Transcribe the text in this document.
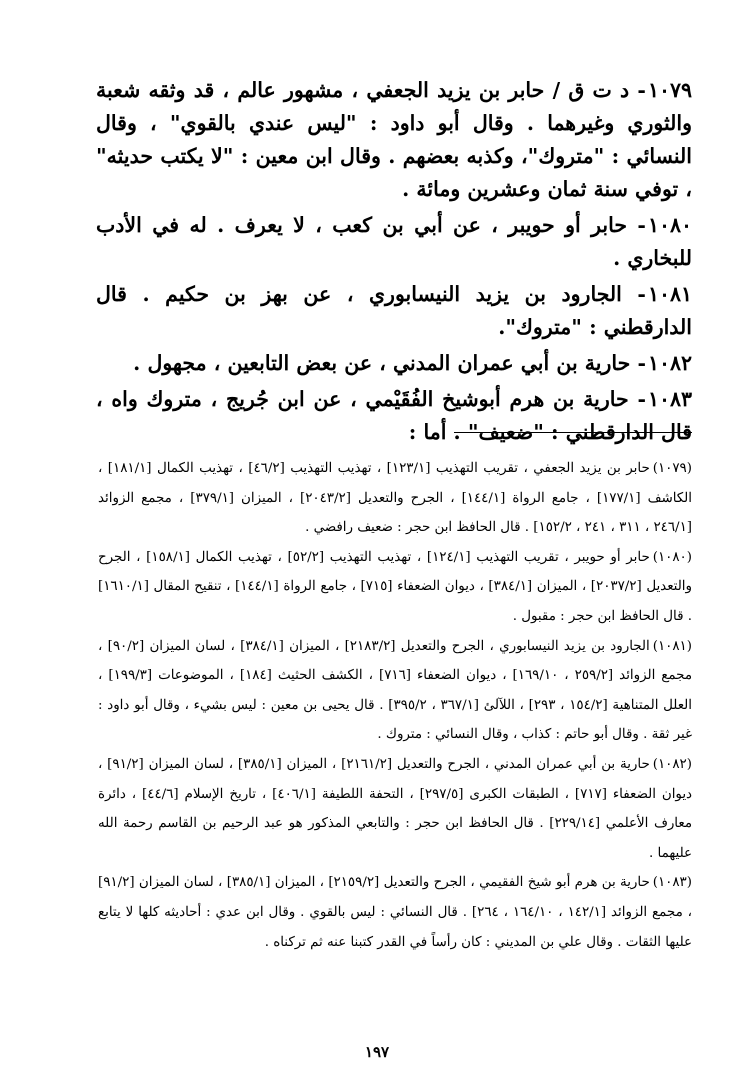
١٠٧٩- د ت ق / حابر بن يزيد الجعفي ، مشهور عالم ، قد وثقه شعبة والثوري وغيرهما . وقال أبو داود : "ليس عندي بالقوي" ، وقال النسائي : "متروك"، وكذبه بعضهم . وقال ابن معين : "لا يكتب حديثه" ، توفي سنة ثمان وعشرين ومائة .

١٠٨٠- حابر أو حويبر ، عن أبي بن كعب ، لا يعرف . له في الأدب للبخاري .

١٠٨١- الجارود بن يزيد النيسابوري ، عن بهز بن حكيم . قال الدارقطني : "متروك".

١٠٨٢- حارية بن أبي عمران المدني ، عن بعض التابعين ، مجهول .

١٠٨٣- حارية بن هرم أبوشيخ الفُقَيْمي ، عن ابن جُريج ، متروك واه ، قال الدارقطني : "ضعيف" . أما :

(١٠٧٩)حابر بن يزيد الجعفي ، تقريب التهذيب [١٢٣/١] ، تهذيب التهذيب [٤٦/٢] ، تهذيب الكمال [١٨١/١] ، الكاشف [١٧٧/١] ، جامع الرواة [١٤٤/١] ، الجرح والتعديل [٢٠٤٣/٢] ، الميزان [٣٧٩/١] ، مجمع الزوائد [٢٤٦/١ ، ٣١١ ، ٢٤١ ، ١٥٢/٢] . قال الحافظ ابن حجر : ضعيف رافضي .

(١٠٨٠)حابر أو حويبر ، تقريب التهذيب [١٢٤/١] ، تهذيب التهذيب [٥٢/٢] ، تهذيب الكمال [١٥٨/١] ، الجرح والتعديل [٢٠٣٧/٢] ، الميزان [٣٨٤/١] ، ديوان الضعفاء [٧١٥] ، جامع الرواة [١٤٤/١] ، تنقيح المقال [١٦١٠/١] . قال الحافظ ابن حجر : مقبول .

(١٠٨١)الجارود بن يزيد النيسابوري ، الجرح والتعديل [٢١٨٣/٢] ، الميزان [٣٨٤/١] ، لسان الميزان [٩٠/٢] ، مجمع الزوائد [٢٥٩/٢ ، ١٦٩/١٠] ، ديوان الضعفاء [٧١٦] ، الكشف الحثيث [١٨٤] ، الموضوعات [١٩٩/٣] ، العلل المتناهية [١٥٤/٢ ، ٢٩٣] ، اللآلئ [٣٦٧/١ ، ٣٩٥/٢] . قال يحيى بن معين : ليس بشيء ، وقال أبو داود : غير ثقة . وقال أبو حاتم : كذاب ، وقال النسائي : متروك .

(١٠٨٢)حارية بن أبي عمران المدني ، الجرح والتعديل [٢١٦١/٢] ، الميزان [٣٨٥/١] ، لسان الميزان [٩١/٢] ، ديوان الضعفاء [٧١٧] ، الطبقات الكبرى [٢٩٧/٥] ، التحفة اللطيفة [٤٠٦/١] ، تاريخ الإسلام [٤٤/٦] ، دائرة معارف الأعلمي [٢٢٩/١٤] . قال الحافظ ابن حجر : والتابعي المذكور هو عبد الرحيم بن القاسم رحمة الله عليهما .

(١٠٨٣)حارية بن هرم أبو شيخ الفقيمي ، الجرح والتعديل [٢١٥٩/٢] ، الميزان [٣٨٥/١] ، لسان الميزان [٩١/٢] ، مجمع الزوائد [١٤٢/١ ، ١٦٤/١٠ ، ٢٦٤] . قال النسائي : ليس بالقوي . وقال ابن عدي : أحاديثه كلها لا يتابع عليها الثقات . وقال علي بن المديني : كان رأساً في القدر كتبنا عنه ثم تركناه .

١٩٧
